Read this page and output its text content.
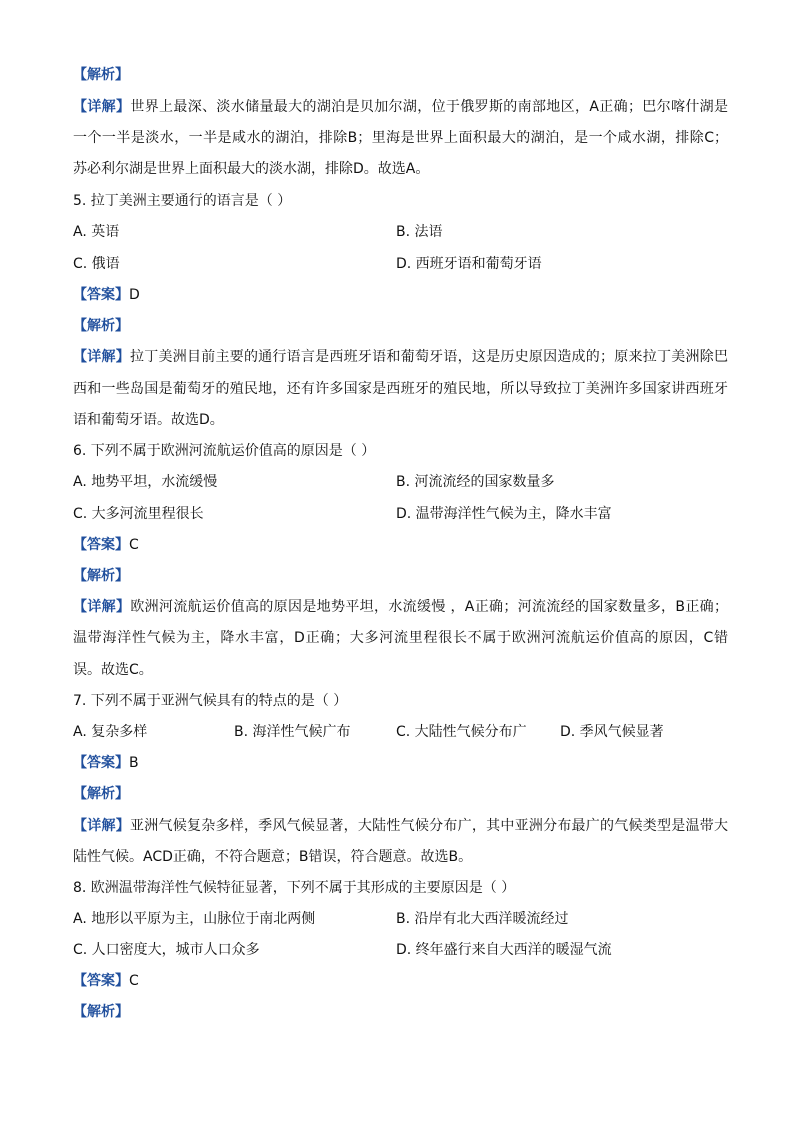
【解析】
【详解】世界上最深、淡水储量最大的湖泊是贝加尔湖，位于俄罗斯的南部地区，A正确；巴尔喀什湖是
一个一半是淡水，一半是咸水的湖泊，排除B；里海是世界上面积最大的湖泊，是一个咸水湖，排除C；
苏必利尔湖是世界上面积最大的淡水湖，排除D。故选A。
5. 拉丁美洲主要通行的语言是（ ）
A. 英语	B. 法语
C. 俄语	D. 西班牙语和葡萄牙语
【答案】D
【解析】
【详解】拉丁美洲目前主要的通行语言是西班牙语和葡萄牙语，这是历史原因造成的；原来拉丁美洲除巴
西和一些岛国是葡萄牙的殖民地，还有许多国家是西班牙的殖民地，所以导致拉丁美洲许多国家讲西班牙
语和葡萄牙语。故选D。
6. 下列不属于欧洲河流航运价值高的原因是（ ）
A. 地势平坦，水流缓慢	B. 河流流经的国家数量多
C. 大多河流里程很长	D. 温带海洋性气候为主，降水丰富
【答案】C
【解析】
【详解】欧洲河流航运价值高的原因是地势平坦，水流缓慢 ，A正确；河流流经的国家数量多，B正确；
温带海洋性气候为主，降水丰富，D正确；大多河流里程很长不属于欧洲河流航运价值高的原因，C错
误。故选C。
7. 下列不属于亚洲气候具有的特点的是（ ）
A. 复杂多样	B. 海洋性气候广布	C. 大陆性气候分布广 D. 季风气候显著
【答案】B
【解析】
【详解】亚洲气候复杂多样，季风气候显著，大陆性气候分布广，其中亚洲分布最广的气候类型是温带大
陆性气候。ACD正确，不符合题意；B错误，符合题意。故选B。
8. 欧洲温带海洋性气候特征显著，下列不属于其形成的主要原因是（ ）
A. 地形以平原为主，山脉位于南北两侧	B. 沿岸有北大西洋暖流经过
C. 人口密度大，城市人口众多	D. 终年盛行来自大西洋的暖湿气流
【答案】C
【解析】
